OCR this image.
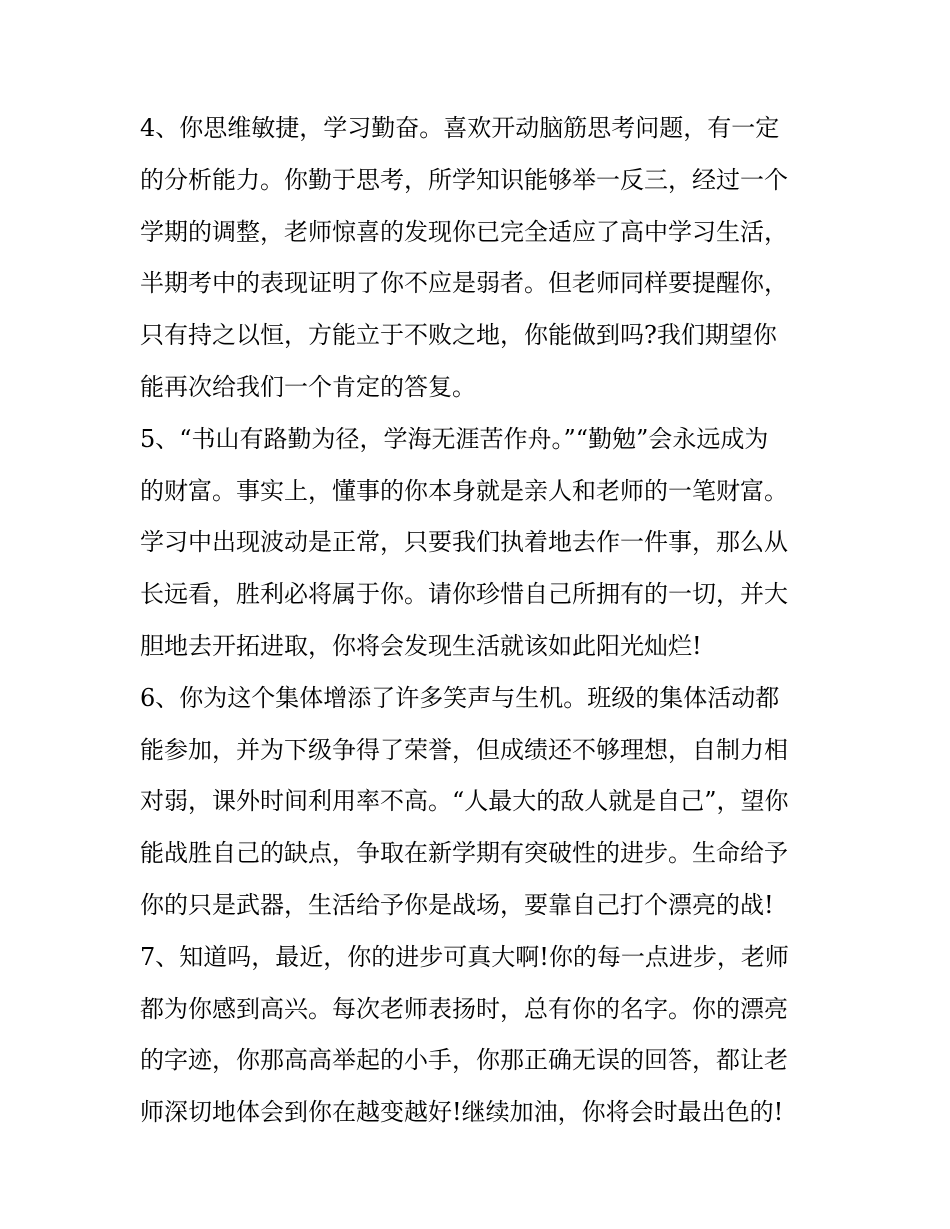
4、你思维敏捷，学习勤奋。喜欢开动脑筋思考问题，有一定
的分析能力。你勤于思考，所学知识能够举一反三，经过一个
学期的调整，老师惊喜的发现你已完全适应了高中学习生活，
半期考中的表现证明了你不应是弱者。但老师同样要提醒你，
只有持之以恒，方能立于不败之地，你能做到吗?我们期望你
能再次给我们一个肯定的答复。
5、“书山有路勤为径，学海无涯苦作舟。”“勤勉”会永远成为
的财富。事实上，懂事的你本身就是亲人和老师的一笔财富。
学习中出现波动是正常，只要我们执着地去作一件事，那么从
长远看，胜利必将属于你。请你珍惜自己所拥有的一切，并大
胆地去开拓进取，你将会发现生活就该如此阳光灿烂!
6、你为这个集体增添了许多笑声与生机。班级的集体活动都
能参加，并为下级争得了荣誉，但成绩还不够理想，自制力相
对弱，课外时间利用率不高。“人最大的敌人就是自己”，望你
能战胜自己的缺点，争取在新学期有突破性的进步。生命给予
你的只是武器，生活给予你是战场，要靠自己打个漂亮的战!
7、知道吗，最近，你的进步可真大啊!你的每一点进步，老师
都为你感到高兴。每次老师表扬时，总有你的名字。你的漂亮
的字迹，你那高高举起的小手，你那正确无误的回答，都让老
师深切地体会到你在越变越好!继续加油，你将会时最出色的!
